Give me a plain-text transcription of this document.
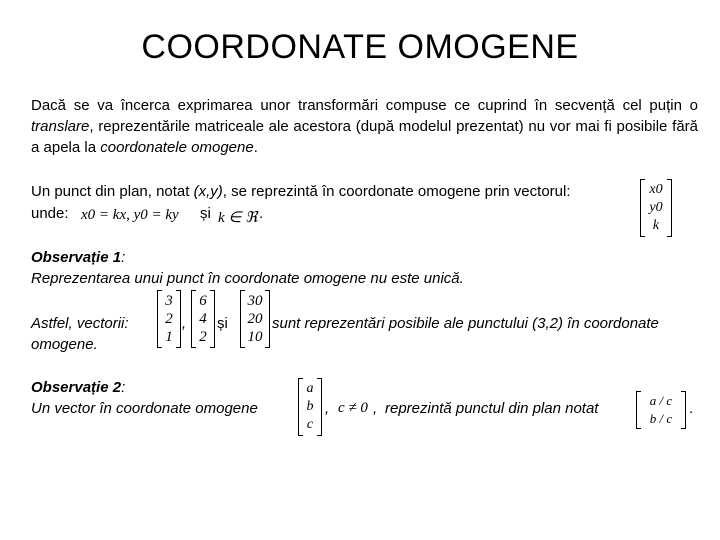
COORDONATE OMOGENE
Dacă se va încerca exprimarea unor transformări compuse ce cuprind în secvență cel puțin o translare, reprezentările matriceale ale acestora (după modelul prezentat) nu vor mai fi posibile fără a apela la coordonatele omogene.
Un punct din plan, notat (x,y), se reprezintă în coordonate omogene prin vectorul:
unde: x0 = kx, y0 = ky și k ∈ ℜ .
x0
y0
k
Observație 1:
Reprezentarea unui punct în coordonate omogene nu este unică.
Astfel, vectorii:
omogene.
3
2
1
,
6
4
2
și
30
20
10
sunt reprezentări posibile ale punctului (3,2) în coordonate
Observație 2:
Un vector în coordonate omogene
a
b
c
, c ≠ 0 , reprezintă punctul din plan notat	a / c
b / c
.
